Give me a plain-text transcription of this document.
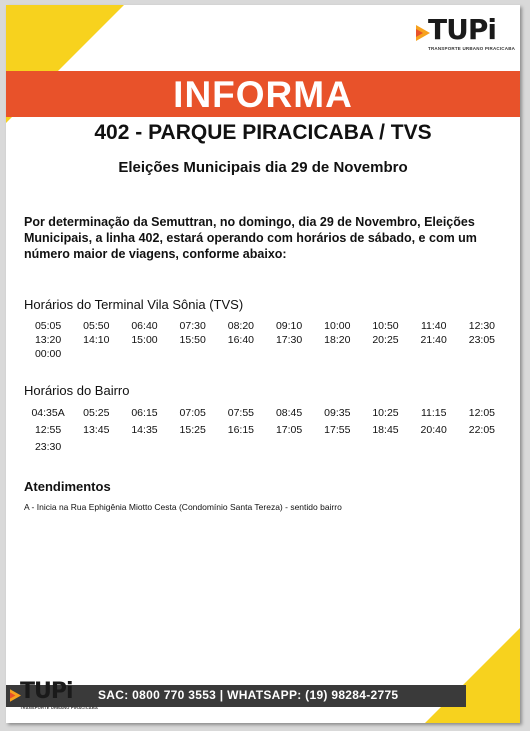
TUPi
TRANSPORTE URBANO PIRACICABA
INFORMA
402 - PARQUE PIRACICABA / TVS
Eleições Municipais dia 29 de Novembro

Por determinação da Semuttran, no domingo, dia 29 de Novembro, Eleições
Municipais, a linha 402, estará operando com horários de sábado, e com um
número maior de viagens, conforme abaixo:

Horários do Terminal Vila Sônia (TVS)

05:05	05:50	06:40	07:30	08:20	09:10	10:00	10:50	11:40	12:30
13:20	14:10	15:00	15:50	16:40	17:30	18:20	20:25	21:40	23:05
00:00

Horários do Bairro

04:35A	05:25	06:15	07:05	07:55	08:45	09:35	10:25	11:15	12:05
12:55	13:45	14:35	15:25	16:15	17:05	17:55	18:45	20:40	22:05
23:30

Atendimentos

A - Inicia na Rua Ephigênia Miotto Cesta (Condomínio Santa Tereza) - sentido bairro

TUPi
TRANSPORTE URBANO PIRACICABA
SAC: 0800 770 3553 | WHATSAPP: (19) 98284-2775
